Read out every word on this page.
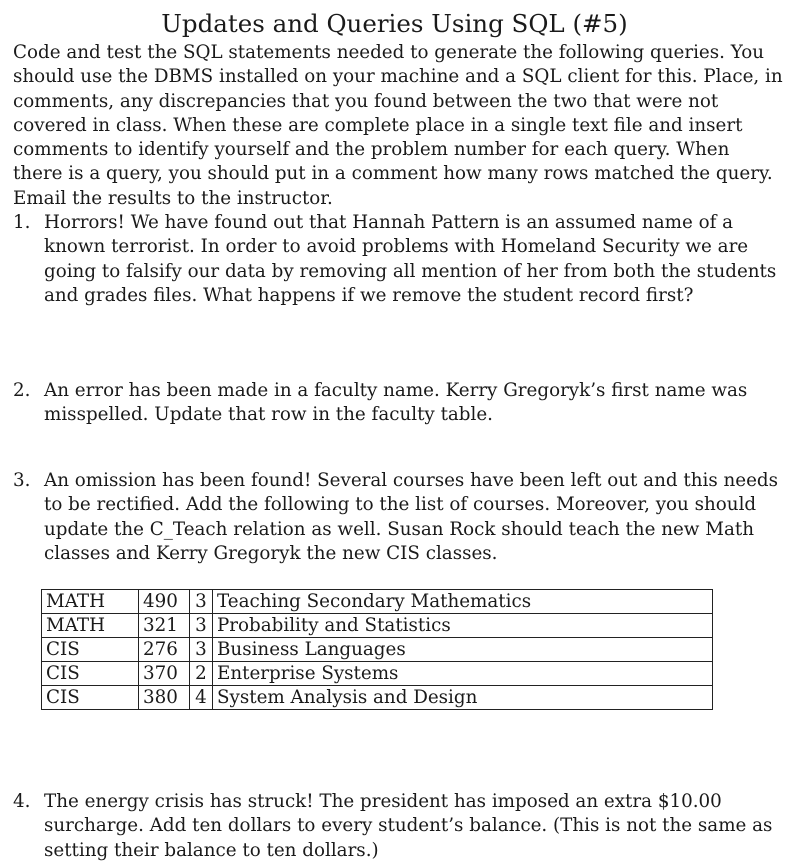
Updates and Queries Using SQL (#5)
Code and test the SQL statements needed to generate the following queries. You should use the DBMS installed on your machine and a SQL client for this. Place, in comments, any discrepancies that you found between the two that were not covered in class. When these are complete place in a single text file and insert comments to identify yourself and the problem number for each query. When there is a query, you should put in a comment how many rows matched the query. Email the results to the instructor.
1. Horrors! We have found out that Hannah Pattern is an assumed name of a known terrorist. In order to avoid problems with Homeland Security we are going to falsify our data by removing all mention of her from both the students and grades files. What happens if we remove the student record first?
2. An error has been made in a faculty name. Kerry Gregoryk’s first name was misspelled. Update that row in the faculty table.
3. An omission has been found! Several courses have been left out and this needs to be rectified. Add the following to the list of courses. Moreover, you should update the C_Teach relation as well. Susan Rock should teach the new Math classes and Kerry Gregoryk the new CIS classes.
MATH	490	3	Teaching Secondary Mathematics
MATH	321	3	Probability and Statistics
CIS	276	3	Business Languages
CIS	370	2	Enterprise Systems
CIS	380	4	System Analysis and Design
4. The energy crisis has struck! The president has imposed an extra $10.00 surcharge. Add ten dollars to every student’s balance. (This is not the same as setting their balance to ten dollars.)
